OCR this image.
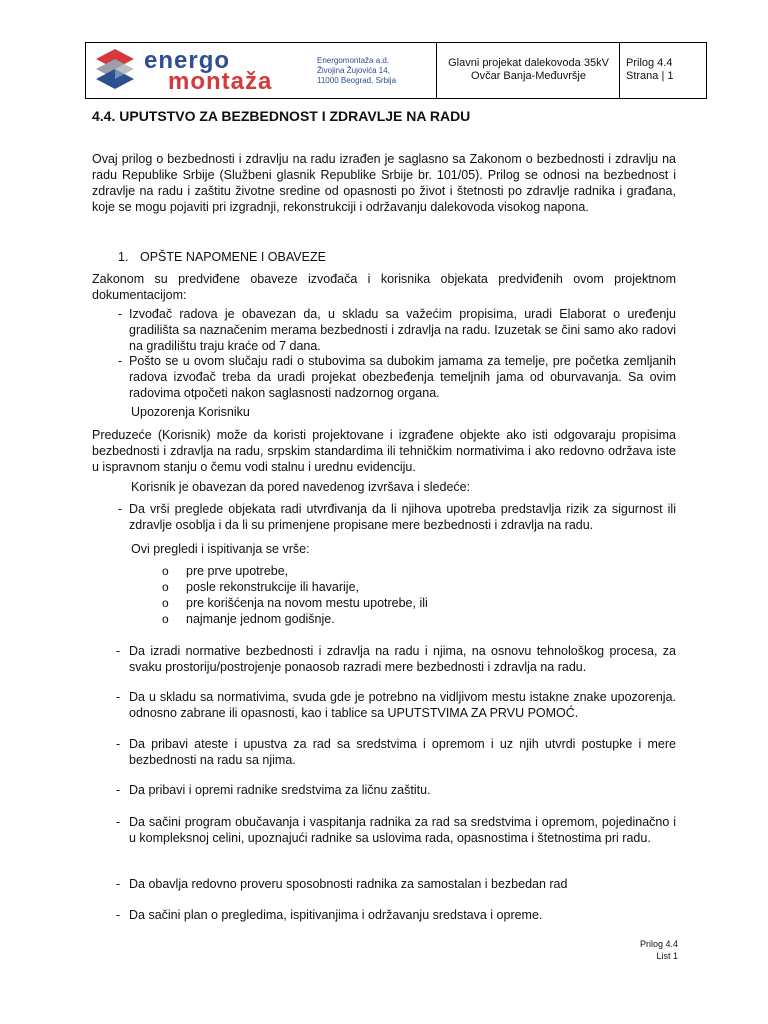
energo
montaža
Energomontaža a.d.
Živojina Žujovića 14,
11000 Beograd, Srbija
Glavni projekat dalekovoda 35kV
Ovčar Banja-Međuvršje
Prilog 4.4
Strana | 1
4.4. UPUTSTVO ZA BEZBEDNOST I ZDRAVLJE NA RADU

Ovaj prilog o bezbednosti i zdravlju na radu izrađen je saglasno sa Zakonom o bezbednosti i zdravlju na radu Republike Srbije (Službeni glasnik Republike Srbije br. 101/05). Prilog se odnosi na bezbednost i zdravlje na radu i zaštitu životne sredine od opasnosti po život i štetnosti po zdravlje radnika i građana, koje se mogu pojaviti pri izgradnji, rekonstrukciji i održavanju dalekovoda visokog napona.

1. OPŠTE NAPOMENE I OBAVEZE

Zakonom su predviđene obaveze izvođača i korisnika objekata predviđenih ovom projektnom dokumentacijom:

- Izvođač radova je obavezan da, u skladu sa važećim propisima, uradi Elaborat o uređenju gradilišta sa naznačenim merama bezbednosti i zdravlja na radu. Izuzetak se čini samo ako radovi na gradilištu traju kraće od 7 dana.

- Pošto se u ovom slučaju radi o stubovima sa dubokim jamama za temelje, pre početka zemljanih radova izvođač treba da uradi projekat obezbeđenja temeljnih jama od oburvavanja. Sa ovim radovima otpočeti nakon saglasnosti nadzornog organa.

Upozorenja Korisniku

Preduzeće (Korisnik) može da koristi projektovane i izgrađene objekte ako isti odgovaraju propisima bezbednosti i zdravlja na radu, srpskim standardima ili tehničkim normativima i ako redovno održava iste u ispravnom stanju o čemu vodi stalnu i urednu evidenciju.

Korisnik je obavezan da pored navedenog izvršava i sledeće:
- Da vrši preglede objekata radi utvrđivanja da li njihova upotreba predstavlja rizik za sigurnost ili zdravlje osoblja i da li su primenjene propisane mere bezbednosti i zdravlja na radu.

Ovi pregledi i ispitivanja se vrše:
o pre prve upotrebe,
o posle rekonstrukcije ili havarije,
o pre korišćenja na novom mestu upotrebe, ili
o najmanje jednom godišnje.
- Da izradi normative bezbednosti i zdravlja na radu i njima, na osnovu tehnološkog procesa, za svaku prostoriju/postrojenje ponaosob razradi mere bezbednosti i zdravlja na radu.

- Da u skladu sa normativima, svuda gde je potrebno na vidljivom mestu istakne znake upozorenja. odnosno zabrane ili opasnosti, kao i tablice sa UPUTSTVIMA ZA PRVU POMOĆ.

- Da pribavi ateste i upustva za rad sa sredstvima i opremom i uz njih utvrdi postupke i mere bezbednosti na radu sa njima.

- Da pribavi i opremi radnike sredstvima za ličnu zaštitu.
- Da sačini program obučavanja i vaspitanja radnika za rad sa sredstvima i opremom, pojedinačno i u kompleksnoj celini, upoznajući radnike sa uslovima rada, opasnostima i štetnostima pri radu.

- Da obavlja redovno proveru sposobnosti radnika za samostalan i bezbedan rad
- Da sačini plan o pregledima, ispitivanjima i održavanju sredstava i opreme.
Prilog 4.4
List 1
